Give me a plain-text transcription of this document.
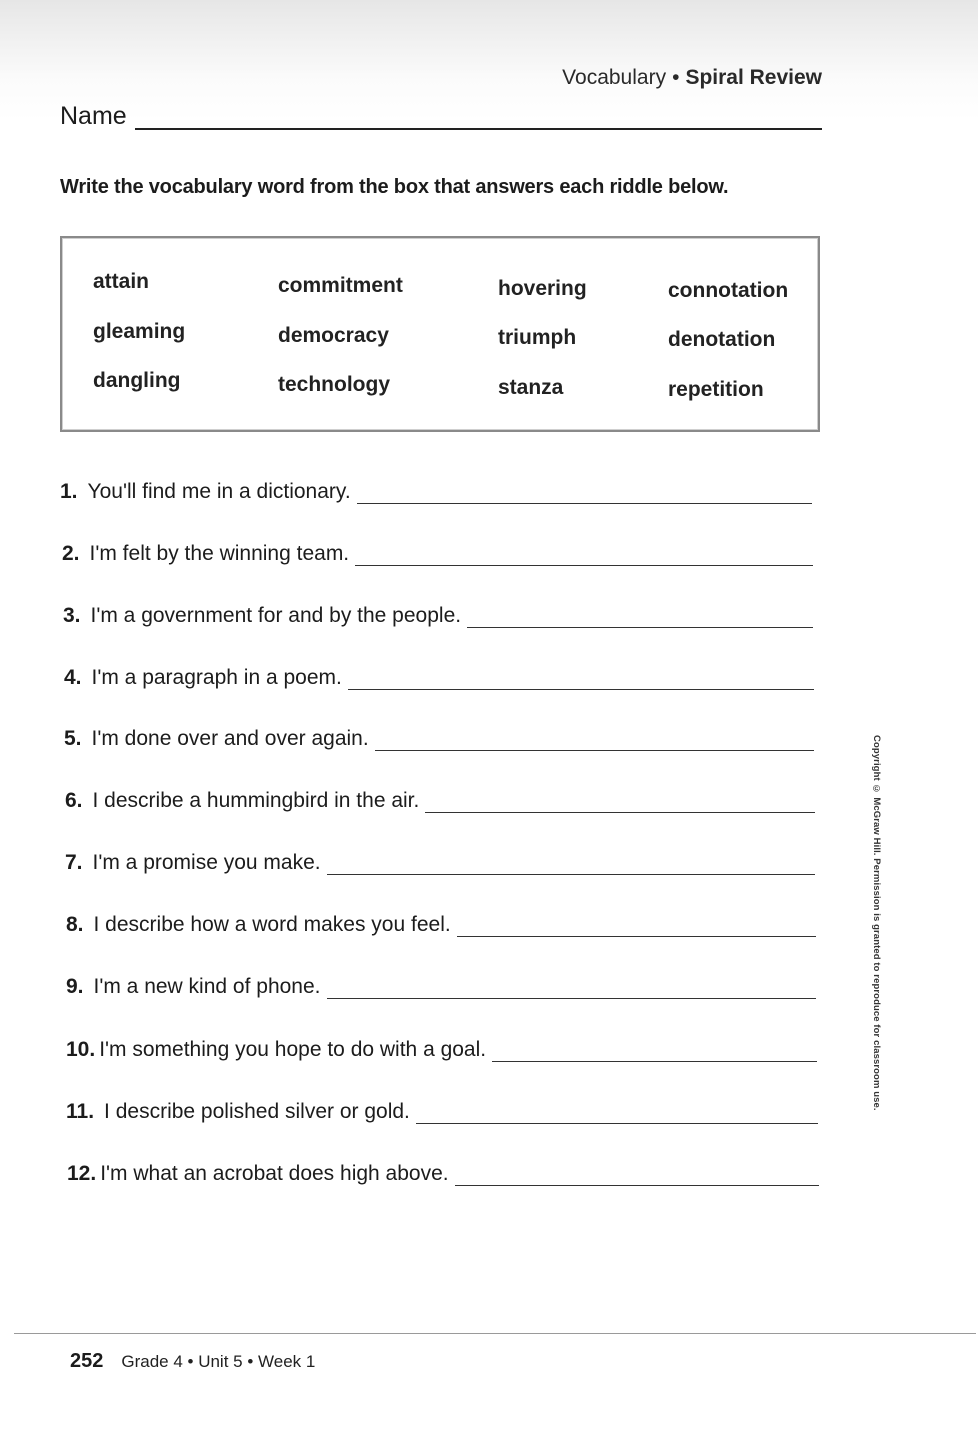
Vocabulary • Spiral Review
Name
Write the vocabulary word from the box that answers each riddle below.
attain	commitment	hovering	connotation
gleaming	democracy	triumph	denotation
dangling	technology	stanza	repetition
1. You'll find me in a dictionary.
2. I'm felt by the winning team.
3. I'm a government for and by the people.
4. I'm a paragraph in a poem.
5. I'm done over and over again.
6. I describe a hummingbird in the air.
7. I'm a promise you make.
8. I describe how a word makes you feel.
9. I'm a new kind of phone.
10. I'm something you hope to do with a goal.
11. I describe polished silver or gold.
12. I'm what an acrobat does high above.
Copyright © McGraw Hill. Permission is granted to reproduce for classroom use.
252 Grade 4 • Unit 5 • Week 1
